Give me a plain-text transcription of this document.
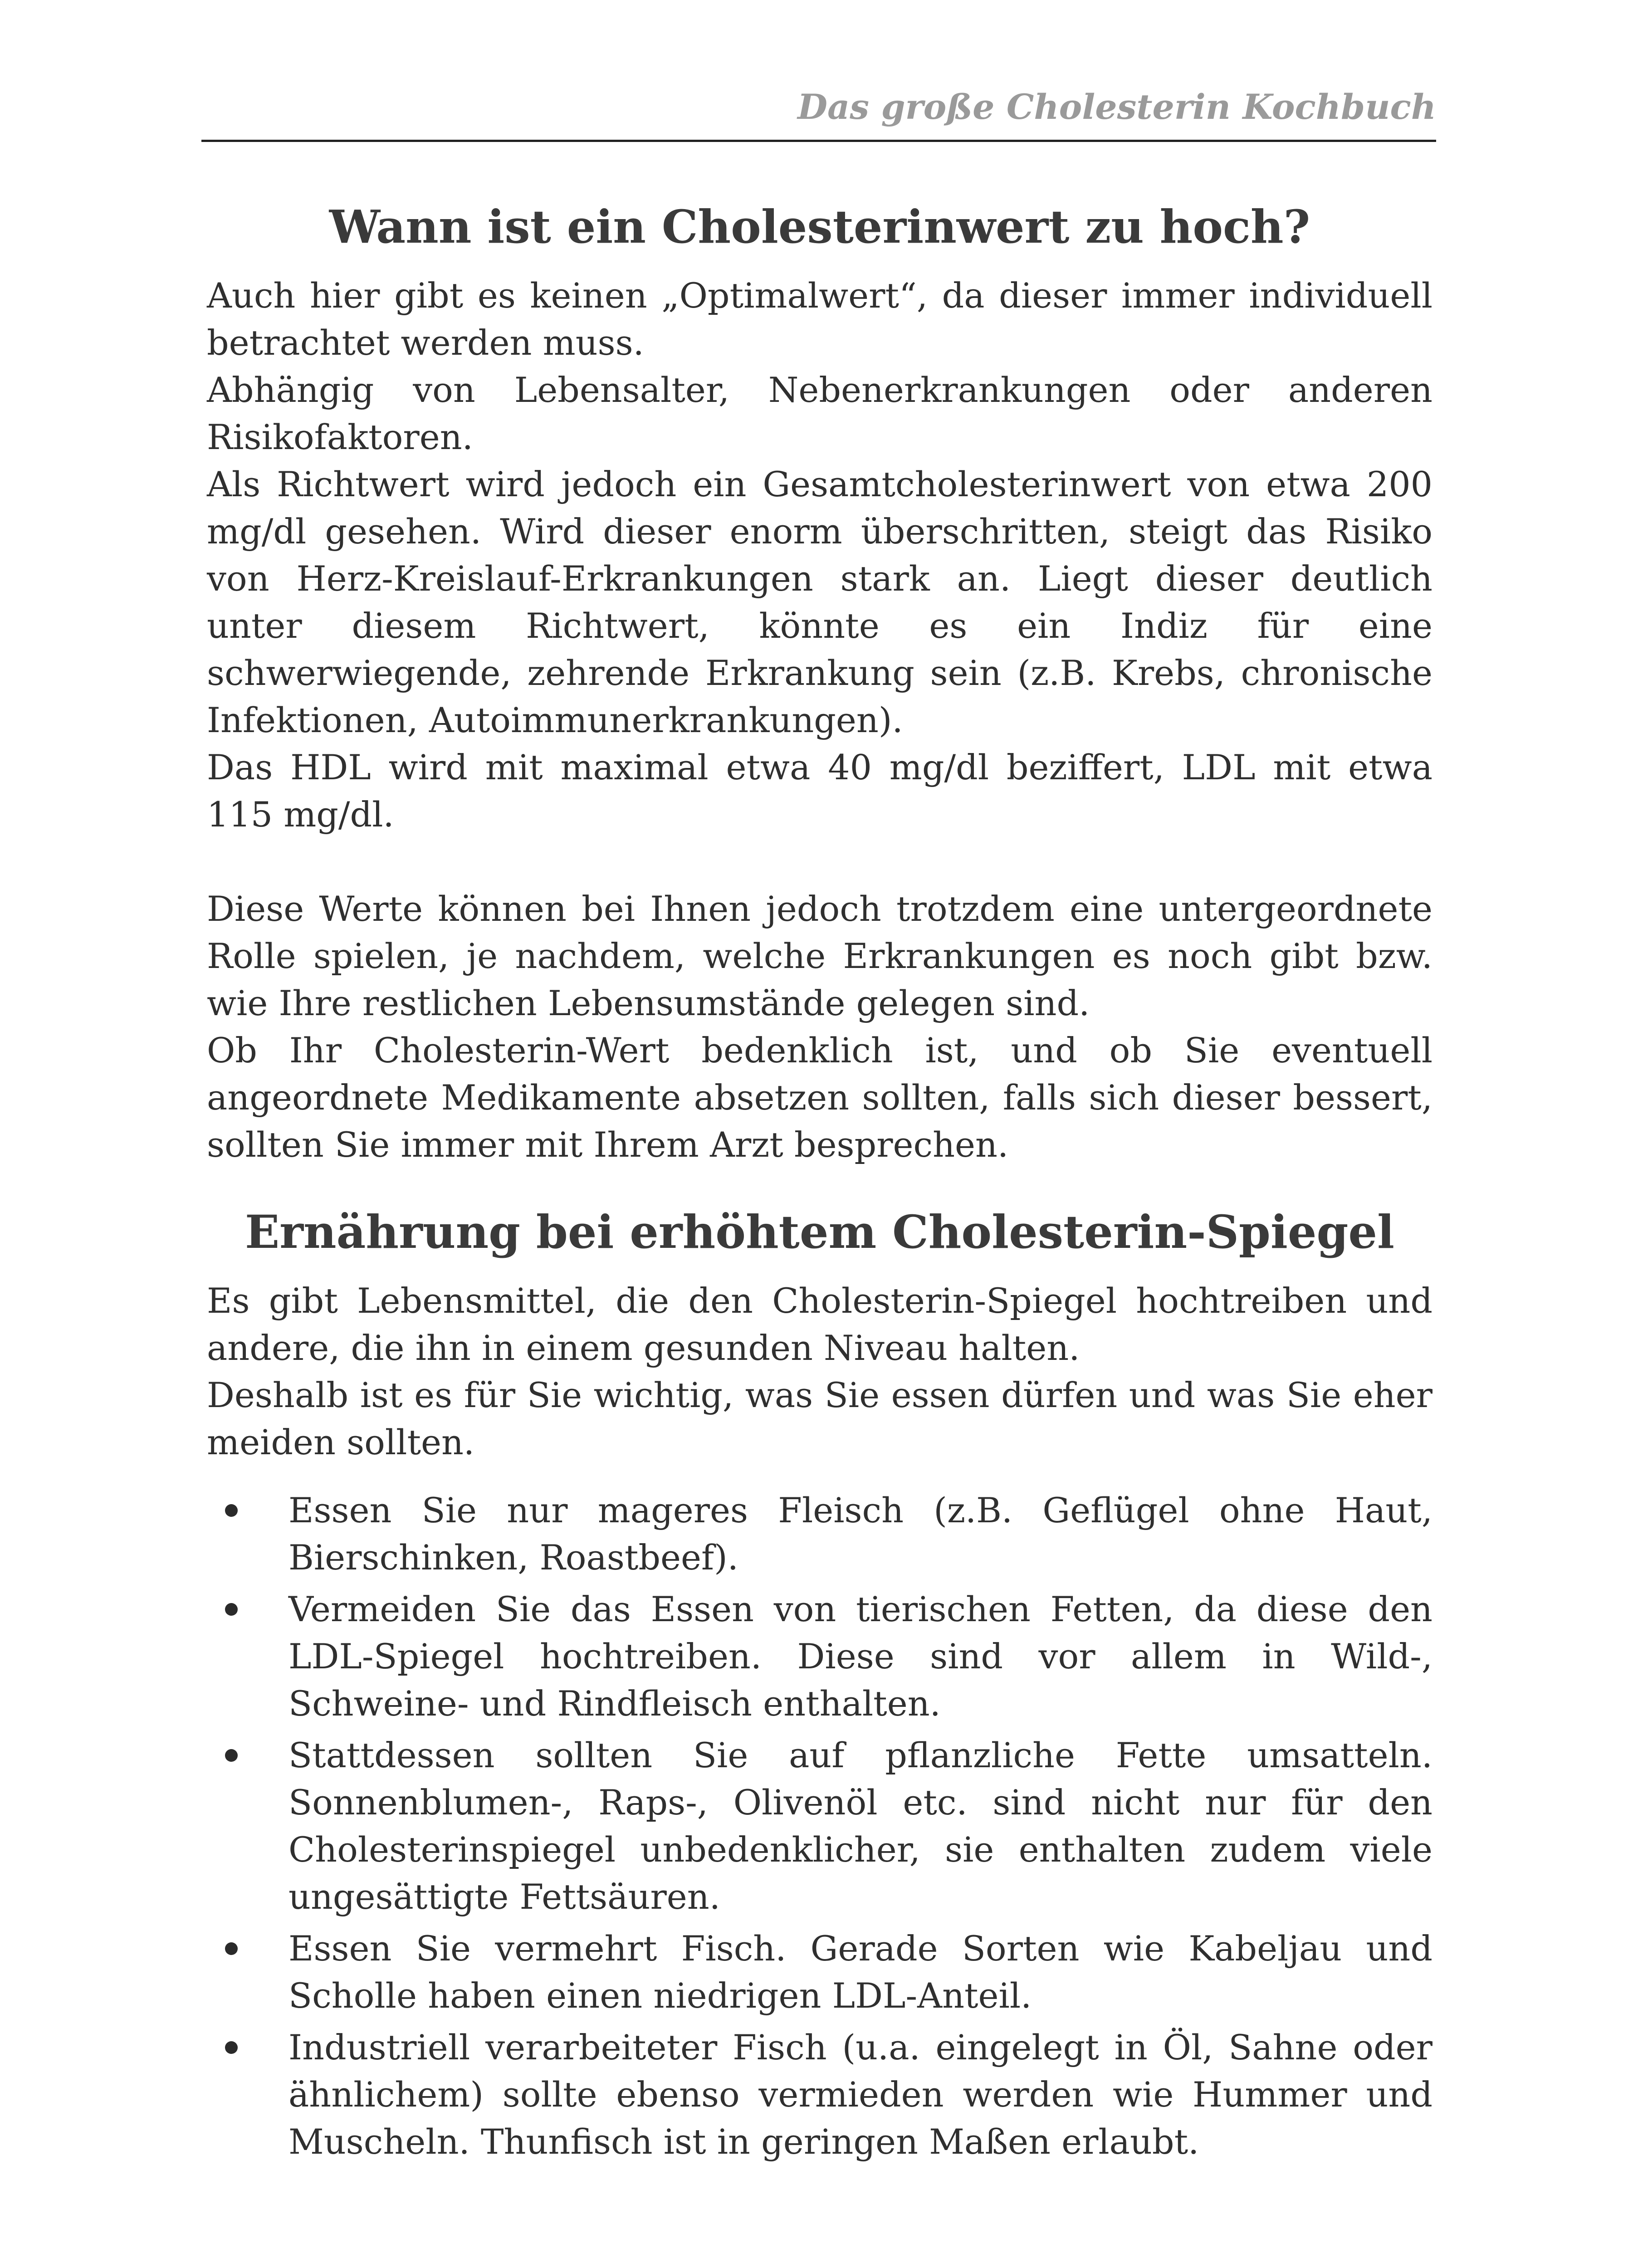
Das große Cholesterin Kochbuch
Wann ist ein Cholesterinwert zu hoch?

Auch hier gibt es keinen „Optimalwert“, da dieser immer individuell betrachtet werden muss.

Abhängig von Lebensalter, Nebenerkrankungen oder anderen Risikofaktoren.

Als Richtwert wird jedoch ein Gesamtcholesterinwert von etwa 200 mg/dl gesehen. Wird dieser enorm überschritten, steigt das Risiko von Herz-Kreislauf-Erkrankungen stark an. Liegt dieser deutlich unter diesem Richtwert, könnte es ein Indiz für eine schwerwiegende, zehrende Erkrankung sein (z.B. Krebs, chronische Infektionen, Autoimmunerkrankungen).

Das HDL wird mit maximal etwa 40 mg/dl beziffert, LDL mit etwa 115 mg/dl.

Diese Werte können bei Ihnen jedoch trotzdem eine untergeordnete Rolle spielen, je nachdem, welche Erkrankungen es noch gibt bzw. wie Ihre restlichen Lebensumstände gelegen sind.

Ob Ihr Cholesterin-Wert bedenklich ist, und ob Sie eventuell angeordnete Medikamente absetzen sollten, falls sich dieser bessert, sollten Sie immer mit Ihrem Arzt besprechen.

Ernährung bei erhöhtem Cholesterin-Spiegel

Es gibt Lebensmittel, die den Cholesterin-Spiegel hochtreiben und andere, die ihn in einem gesunden Niveau halten.

Deshalb ist es für Sie wichtig, was Sie essen dürfen und was Sie eher meiden sollten.

Essen Sie nur mageres Fleisch (z.B. Geflügel ohne Haut, Bierschinken, Roastbeef).

Vermeiden Sie das Essen von tierischen Fetten, da diese den LDL-Spiegel hochtreiben. Diese sind vor allem in Wild-, Schweine- und Rindfleisch enthalten.

Stattdessen sollten Sie auf pflanzliche Fette umsatteln. Sonnenblumen-, Raps-, Olivenöl etc. sind nicht nur für den Cholesterinspiegel unbedenklicher, sie enthalten zudem viele ungesättigte Fettsäuren.

Essen Sie vermehrt Fisch. Gerade Sorten wie Kabeljau und Scholle haben einen niedrigen LDL-Anteil.

Industriell verarbeiteter Fisch (u.a. eingelegt in Öl, Sahne oder ähnlichem) sollte ebenso vermieden werden wie Hummer und Muscheln. Thunfisch ist in geringen Maßen erlaubt.
